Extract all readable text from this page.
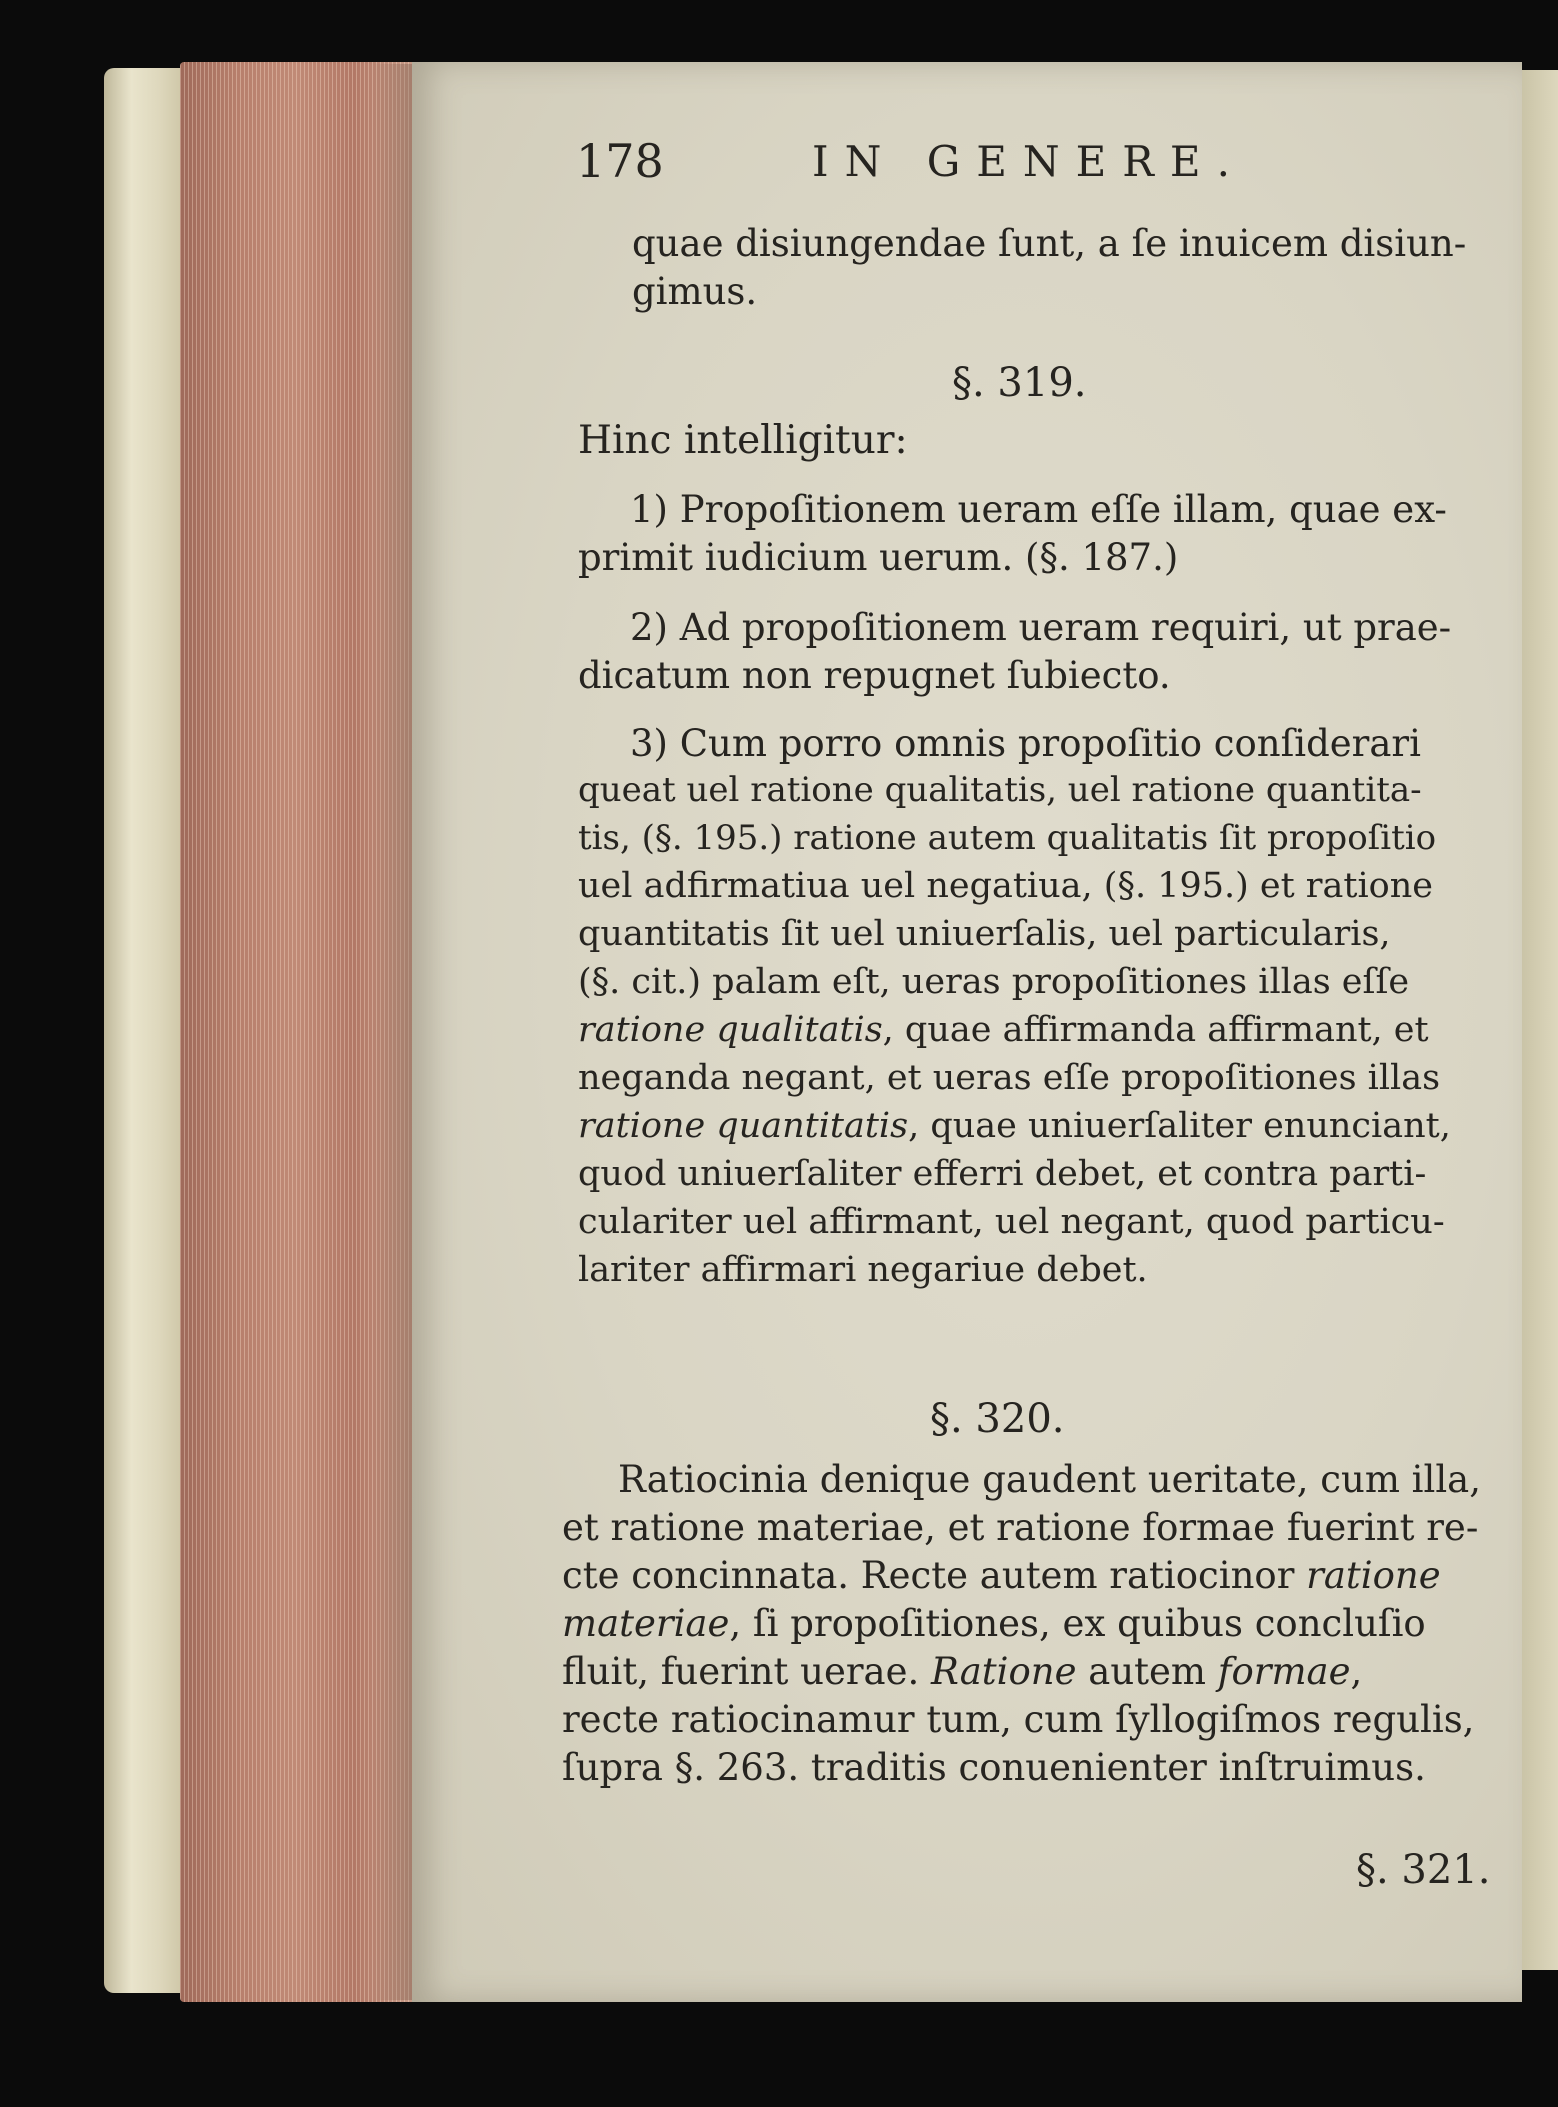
178	IN GENERE.
quae disiungendae ſunt, a ſe inuicem disiun-
gimus.
§. 319.
Hinc intelligitur:
1) Propoſitionem ueram eſſe illam, quae ex-
primit iudicium uerum. (§. 187.)
2) Ad propoſitionem ueram requiri, ut prae-
dicatum non repugnet ſubiecto.
3) Cum porro omnis propoſitio conſiderari
queat uel ratione qualitatis, uel ratione quantita-
tis, (§. 195.) ratione autem qualitatis ſit propoſitio
uel adfirmatiua uel negatiua, (§. 195.) et ratione
quantitatis ſit uel uniuerſalis, uel particularis,
(§. cit.) palam eſt, ueras propoſitiones illas eſſe
ratione qualitatis, quae affirmanda affirmant, et
neganda negant, et ueras eſſe propoſitiones illas
ratione quantitatis, quae uniuerſaliter enunciant,
quod uniuerſaliter efferri debet, et contra parti-
culariter uel affirmant, uel negant, quod particu-
lariter affirmari negariue debet.
§. 320.
Ratiocinia denique gaudent ueritate, cum illa,
et ratione materiae, et ratione formae fuerint re-
cte concinnata. Recte autem ratiocinor ratione
materiae, ſi propoſitiones, ex quibus concluſio
fluit, fuerint uerae. Ratione autem formae,
recte ratiocinamur tum, cum ſyllogiſmos regulis,
ſupra §. 263. traditis conuenienter inſtruimus.
§. 321.
